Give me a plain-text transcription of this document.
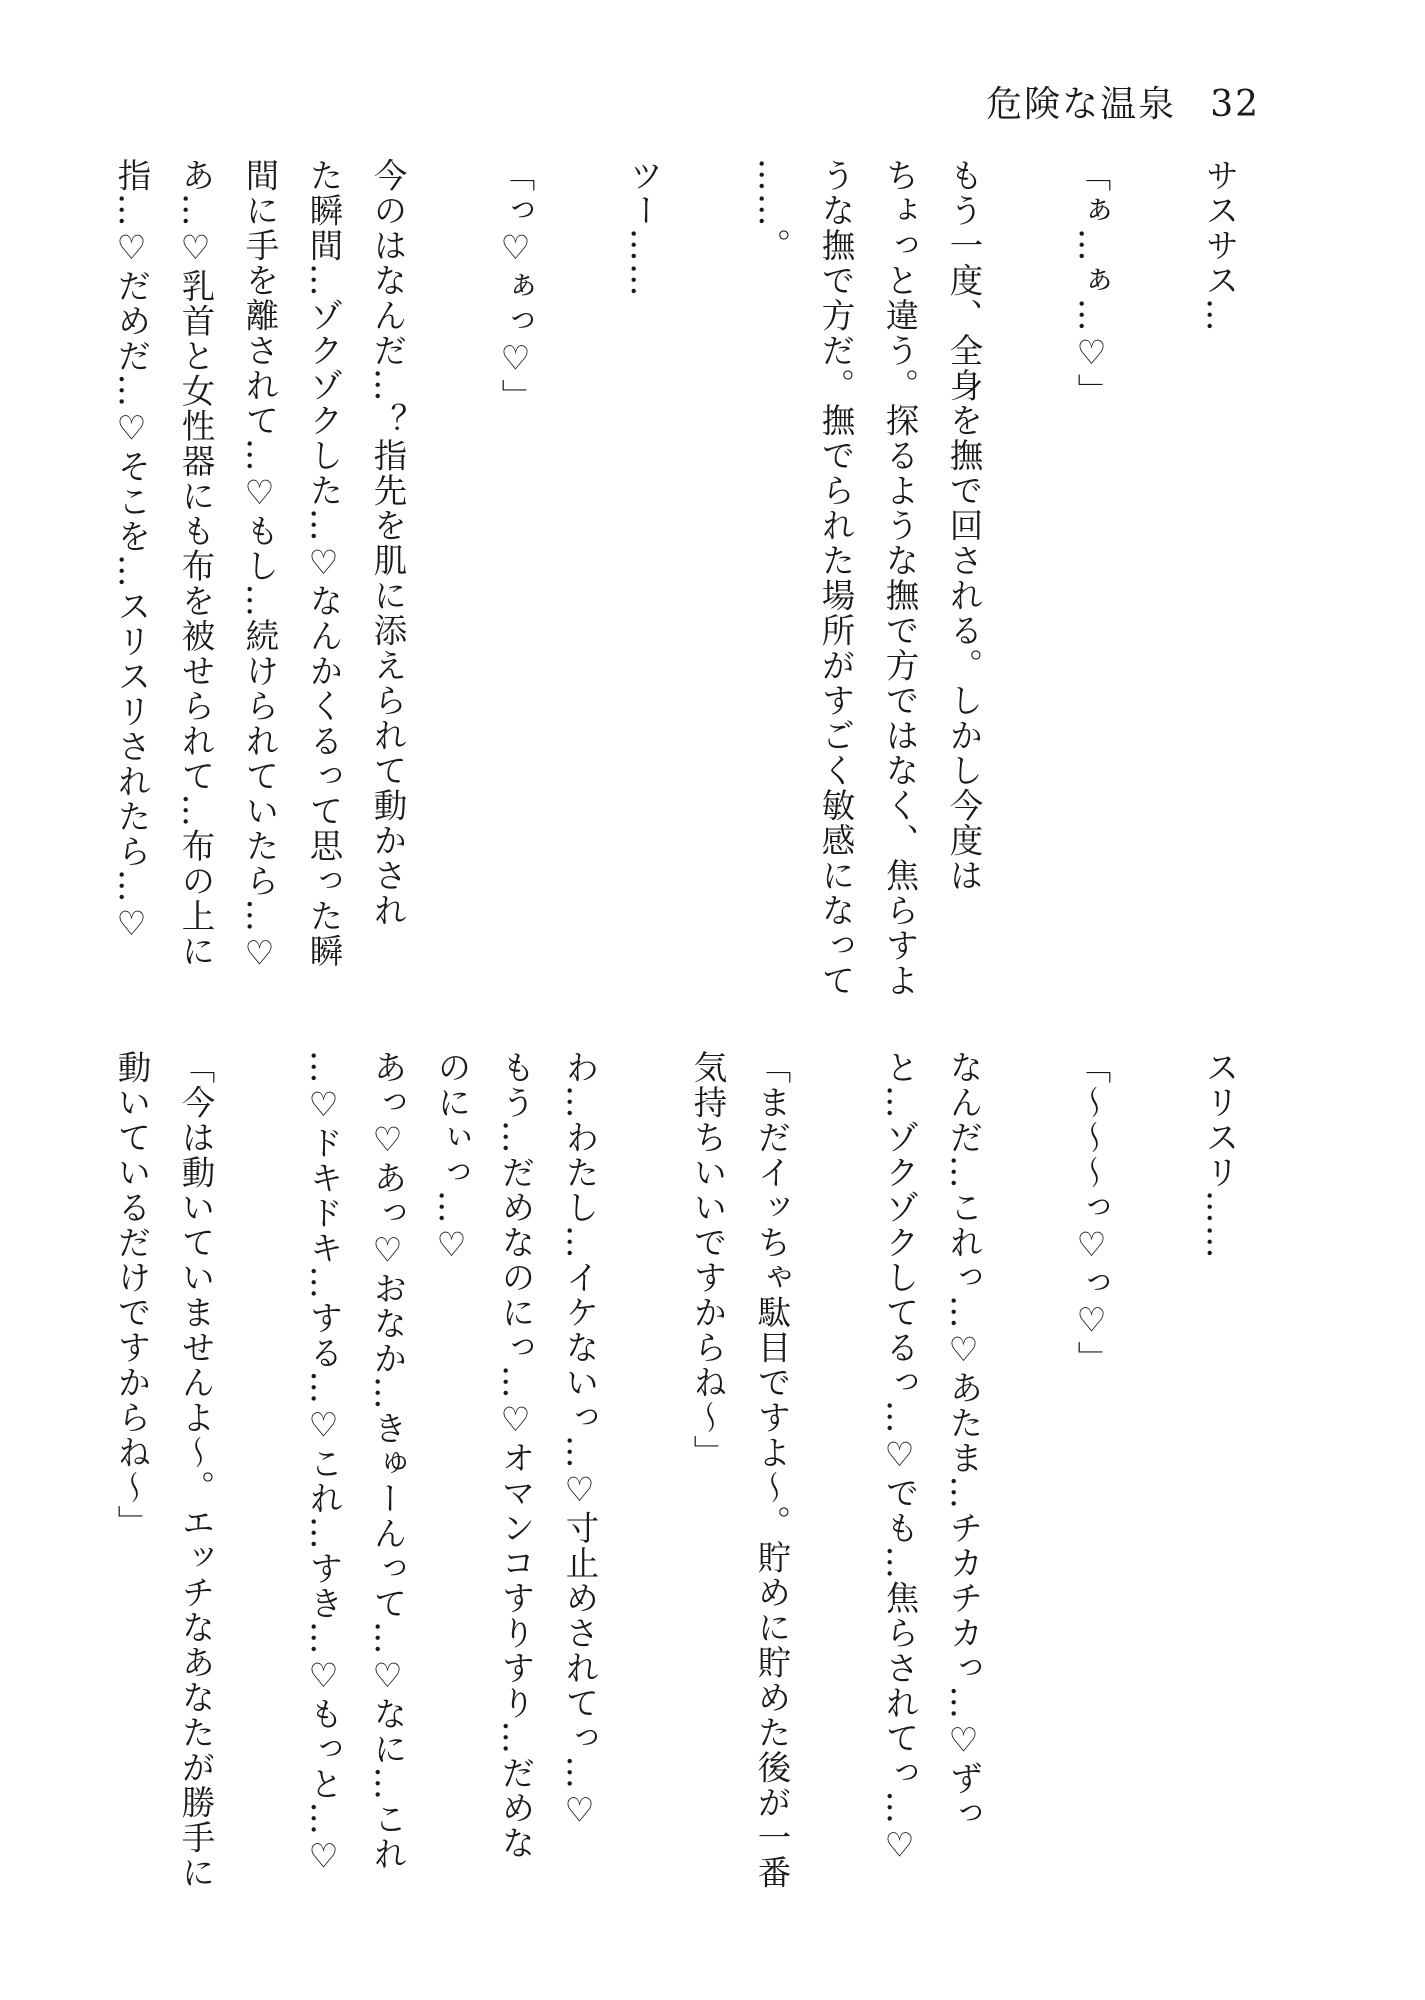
危険な温泉 32
サスサス…
「ぁ…ぁ…♡」
もう一度、全身を撫で回される。しかし今度は
ちょっと違う。探るような撫で方ではなく、焦らすよ
うな撫で方だ。撫でられた場所がすごく敏感になって
……。
ツー……
「っ♡ぁっ♡」
今のはなんだ…？指先を肌に添えられて動かされ
た瞬間…ゾクゾクした…♡なんかくるって思った瞬
間に手を離されて…♡もし…続けられていたら…♡
あ…♡乳首と女性器にも布を被せられて…布の上に
指…♡だめだ…♡そこを…スリスリされたら…♡
スリスリ……
「〜〜〜っ♡っ♡」
なんだ…これっ…♡あたま…チカチカっ…♡ずっ
と…ゾクゾクしてるっ…♡でも…焦らされてっ…♡
「まだイッちゃ駄目ですよ〜。貯めに貯めた後が一番
気持ちいいですからね〜」
わ…わたし…イケないっ…♡寸止めされてっ…♡
もう…だめなのにっ…♡オマンコすりすり…だめな
のにぃっ…♡
あっ♡あっ♡おなか…きゅーんって…♡なに…これ
…♡ドキドキ…する…♡これ…すき…♡もっと…♡
「今は動いていませんよ〜。エッチなあなたが勝手に
動いているだけですからね〜」
